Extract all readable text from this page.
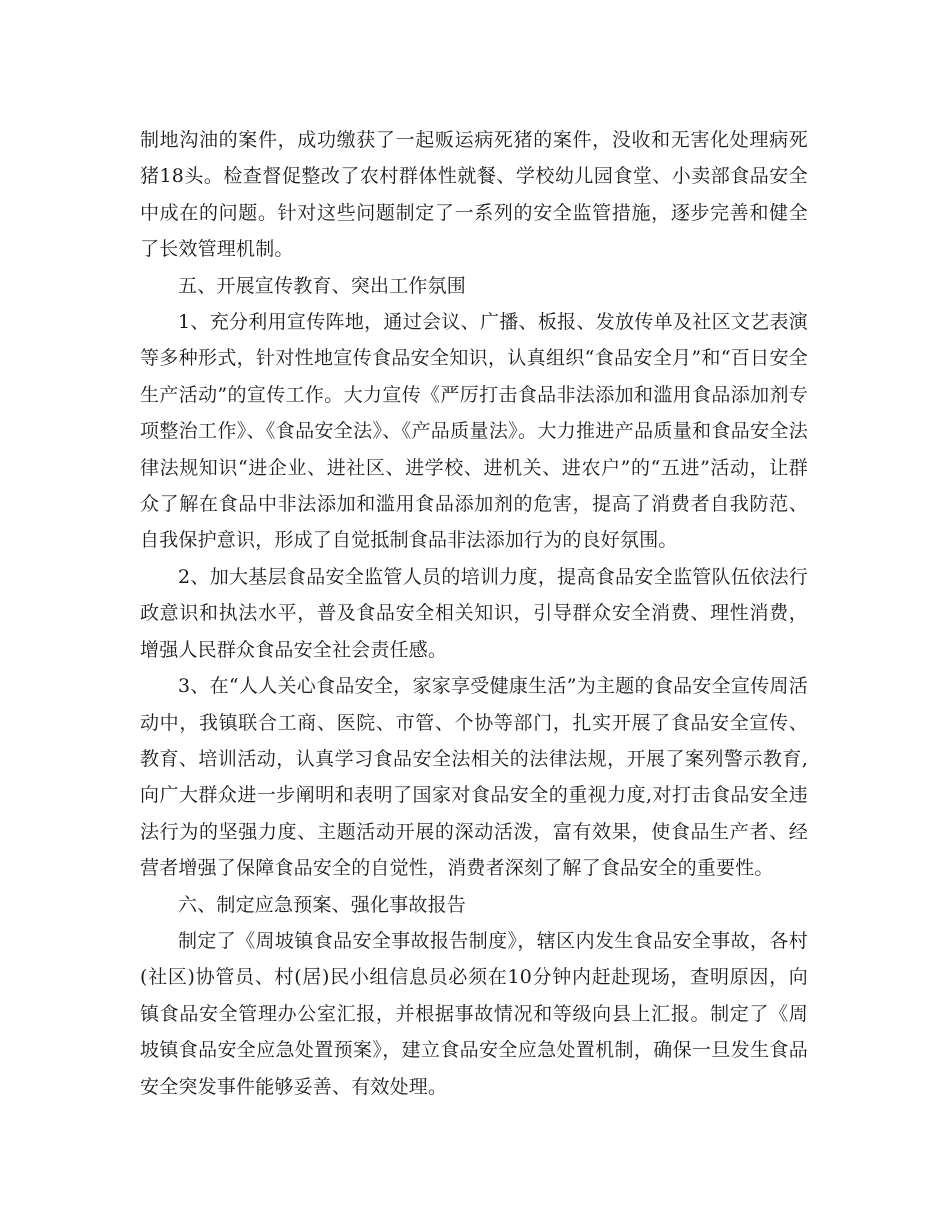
制地沟油的案件，成功缴获了一起贩运病死猪的案件，没收和无害化处理病死猪18头。检查督促整改了农村群体性就餐、学校幼儿园食堂、小卖部食品安全中成在的问题。针对这些问题制定了一系列的安全监管措施，逐步完善和健全了长效管理机制。

五、开展宣传教育、突出工作氛围

1、充分利用宣传阵地，通过会议、广播、板报、发放传单及社区文艺表演等多种形式，针对性地宣传食品安全知识，认真组织“食品安全月”和“百日安全生产活动”的宣传工作。大力宣传《严厉打击食品非法添加和滥用食品添加剂专项整治工作》、《食品安全法》、《产品质量法》。大力推进产品质量和食品安全法律法规知识“进企业、进社区、进学校、进机关、进农户”的“五进”活动，让群众了解在食品中非法添加和滥用食品添加剂的危害，提高了消费者自我防范、自我保护意识，形成了自觉抵制食品非法添加行为的良好氛围。

2、加大基层食品安全监管人员的培训力度，提高食品安全监管队伍依法行政意识和执法水平，普及食品安全相关知识，引导群众安全消费、理性消费，增强人民群众食品安全社会责任感。

3、在“人人关心食品安全，家家享受健康生活”为主题的食品安全宣传周活动中，我镇联合工商、医院、市管、个协等部门，扎实开展了食品安全宣传、教育、培训活动，认真学习食品安全法相关的法律法规，开展了案列警示教育,向广大群众进一步阐明和表明了国家对食品安全的重视力度,对打击食品安全违法行为的坚强力度、主题活动开展的深动活泼，富有效果，使食品生产者、经营者增强了保障食品安全的自觉性，消费者深刻了解了食品安全的重要性。

六、制定应急预案、强化事故报告

制定了《周坡镇食品安全事故报告制度》，辖区内发生食品安全事故，各村(社区)协管员、村(居)民小组信息员必须在10分钟内赶赴现场，查明原因，向镇食品安全管理办公室汇报，并根据事故情况和等级向县上汇报。制定了《周坡镇食品安全应急处置预案》，建立食品安全应急处置机制，确保一旦发生食品安全突发事件能够妥善、有效处理。
